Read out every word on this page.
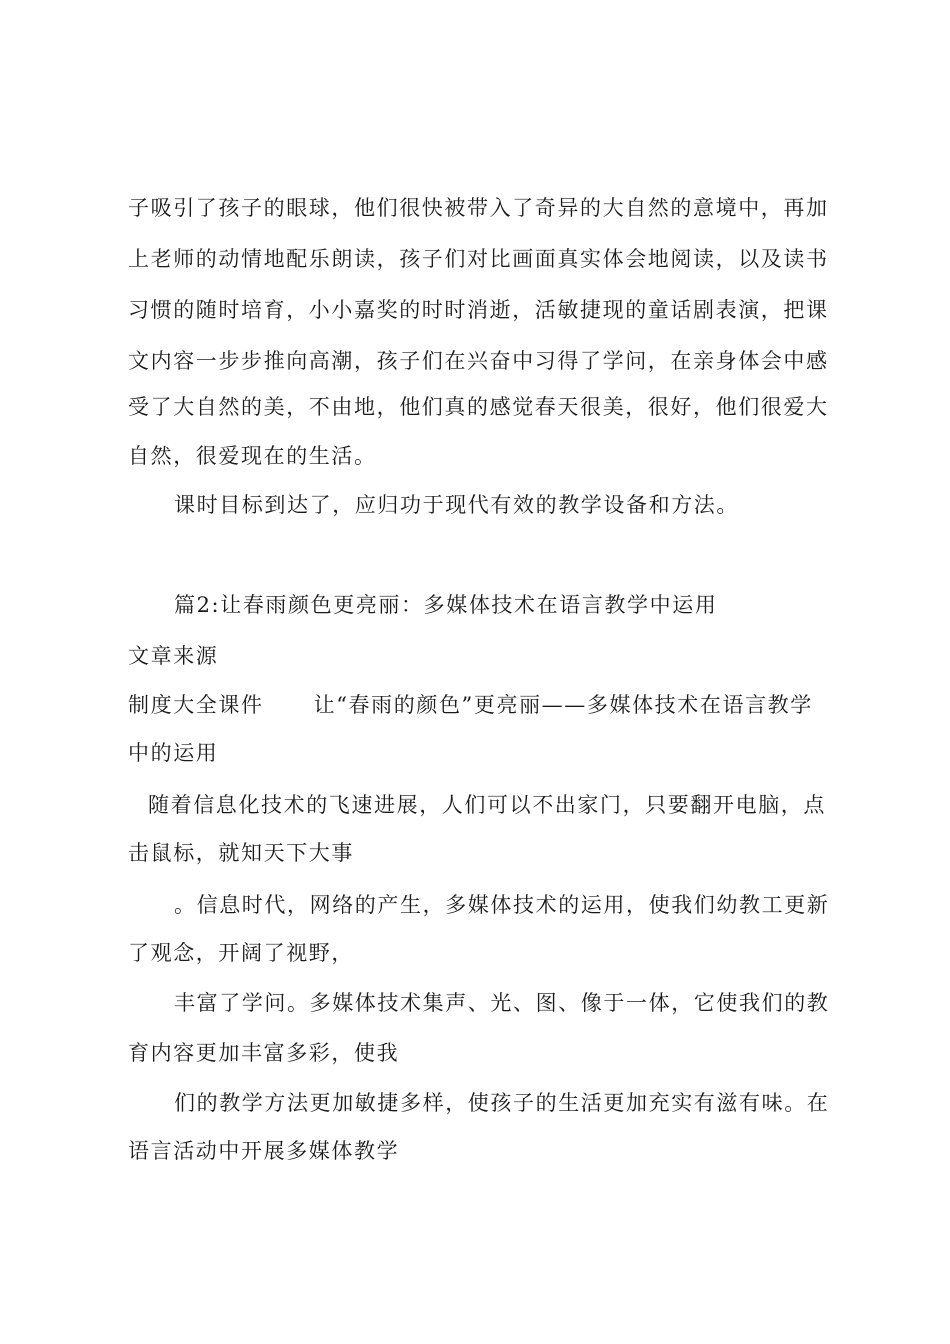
子吸引了孩子的眼球，他们很快被带入了奇异的大自然的意境中，再加
上老师的动情地配乐朗读，孩子们对比画面真实体会地阅读，以及读书
习惯的随时培育，小小嘉奖的时时消逝，活敏捷现的童话剧表演，把课
文内容一步步推向高潮，孩子们在兴奋中习得了学问，在亲身体会中感
受了大自然的美，不由地，他们真的感觉春天很美，很好，他们很爱大
自然，很爱现在的生活。
课时目标到达了，应归功于现代有效的教学设备和方法。
篇2:让春雨颜色更亮丽：多媒体技术在语言教学中运用
文章来源
制度大全课件 让“春雨的颜色”更亮丽——多媒体技术在语言教学
中的运用
随着信息化技术的飞速进展，人们可以不出家门，只要翻开电脑，点
击鼠标，就知天下大事
。信息时代，网络的产生，多媒体技术的运用，使我们幼教工更新
了观念，开阔了视野，
丰富了学问。多媒体技术集声、光、图、像于一体，它使我们的教
育内容更加丰富多彩，使我
们的教学方法更加敏捷多样，使孩子的生活更加充实有滋有味。在
语言活动中开展多媒体教学
